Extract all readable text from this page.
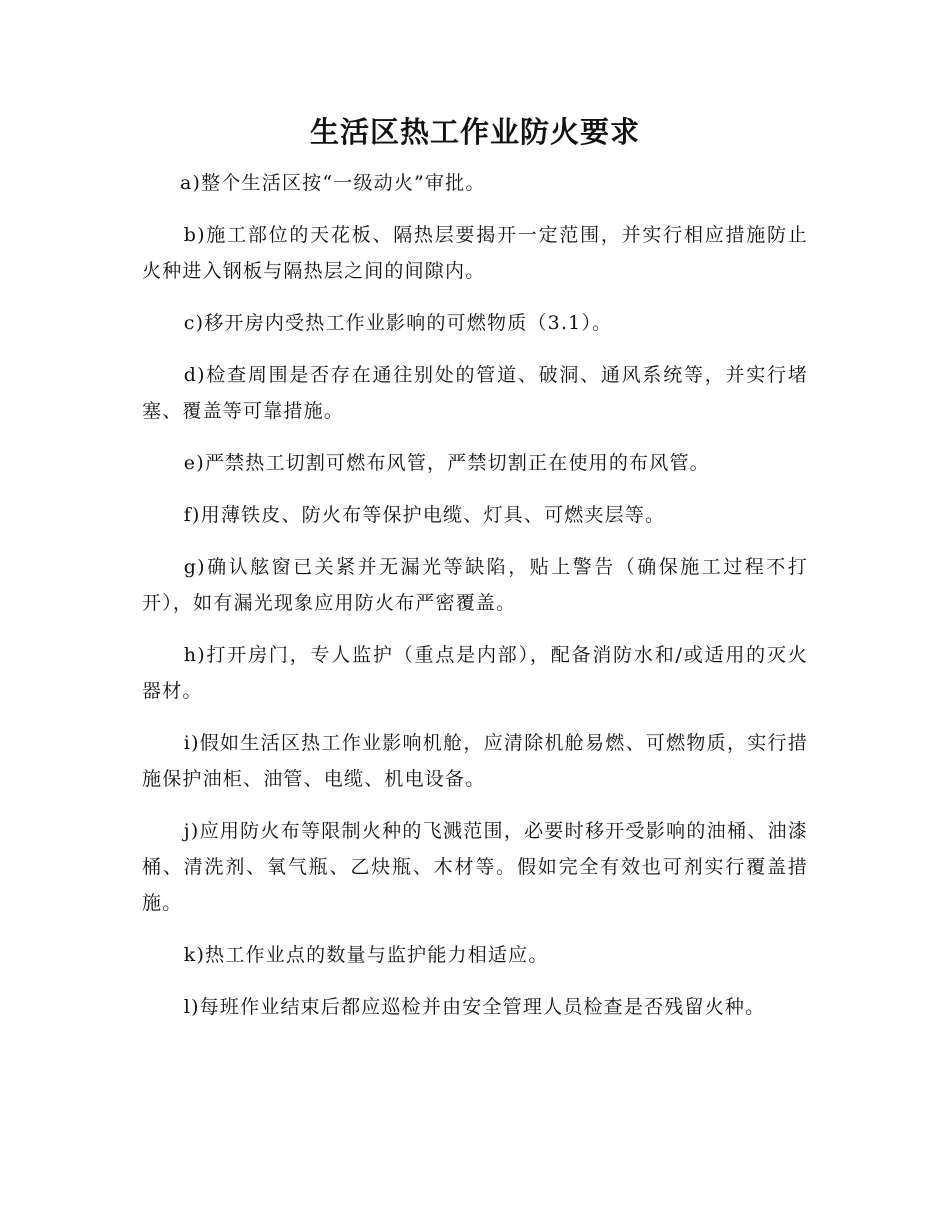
生活区热工作业防火要求

a)整个生活区按“一级动火”审批。

b)施工部位的天花板、隔热层要揭开一定范围，并实行相应措施防止火种进入钢板与隔热层之间的间隙内。

c)移开房内受热工作业影响的可燃物质（3.1）。

d)检查周围是否存在通往别处的管道、破洞、通风系统等，并实行堵塞、覆盖等可靠措施。

e)严禁热工切割可燃布风管，严禁切割正在使用的布风管。

f)用薄铁皮、防火布等保护电缆、灯具、可燃夹层等。

g)确认舷窗已关紧并无漏光等缺陷，贴上警告（确保施工过程不打开），如有漏光现象应用防火布严密覆盖。

h)打开房门，专人监护（重点是内部），配备消防水和/或适用的灭火器材。

i)假如生活区热工作业影响机舱，应清除机舱易燃、可燃物质，实行措施保护油柜、油管、电缆、机电设备。

j)应用防火布等限制火种的飞溅范围，必要时移开受影响的油桶、油漆桶、清洗剂、氧气瓶、乙炔瓶、木材等。假如完全有效也可剂实行覆盖措施。

k)热工作业点的数量与监护能力相适应。

l)每班作业结束后都应巡检并由安全管理人员检查是否残留火种。
